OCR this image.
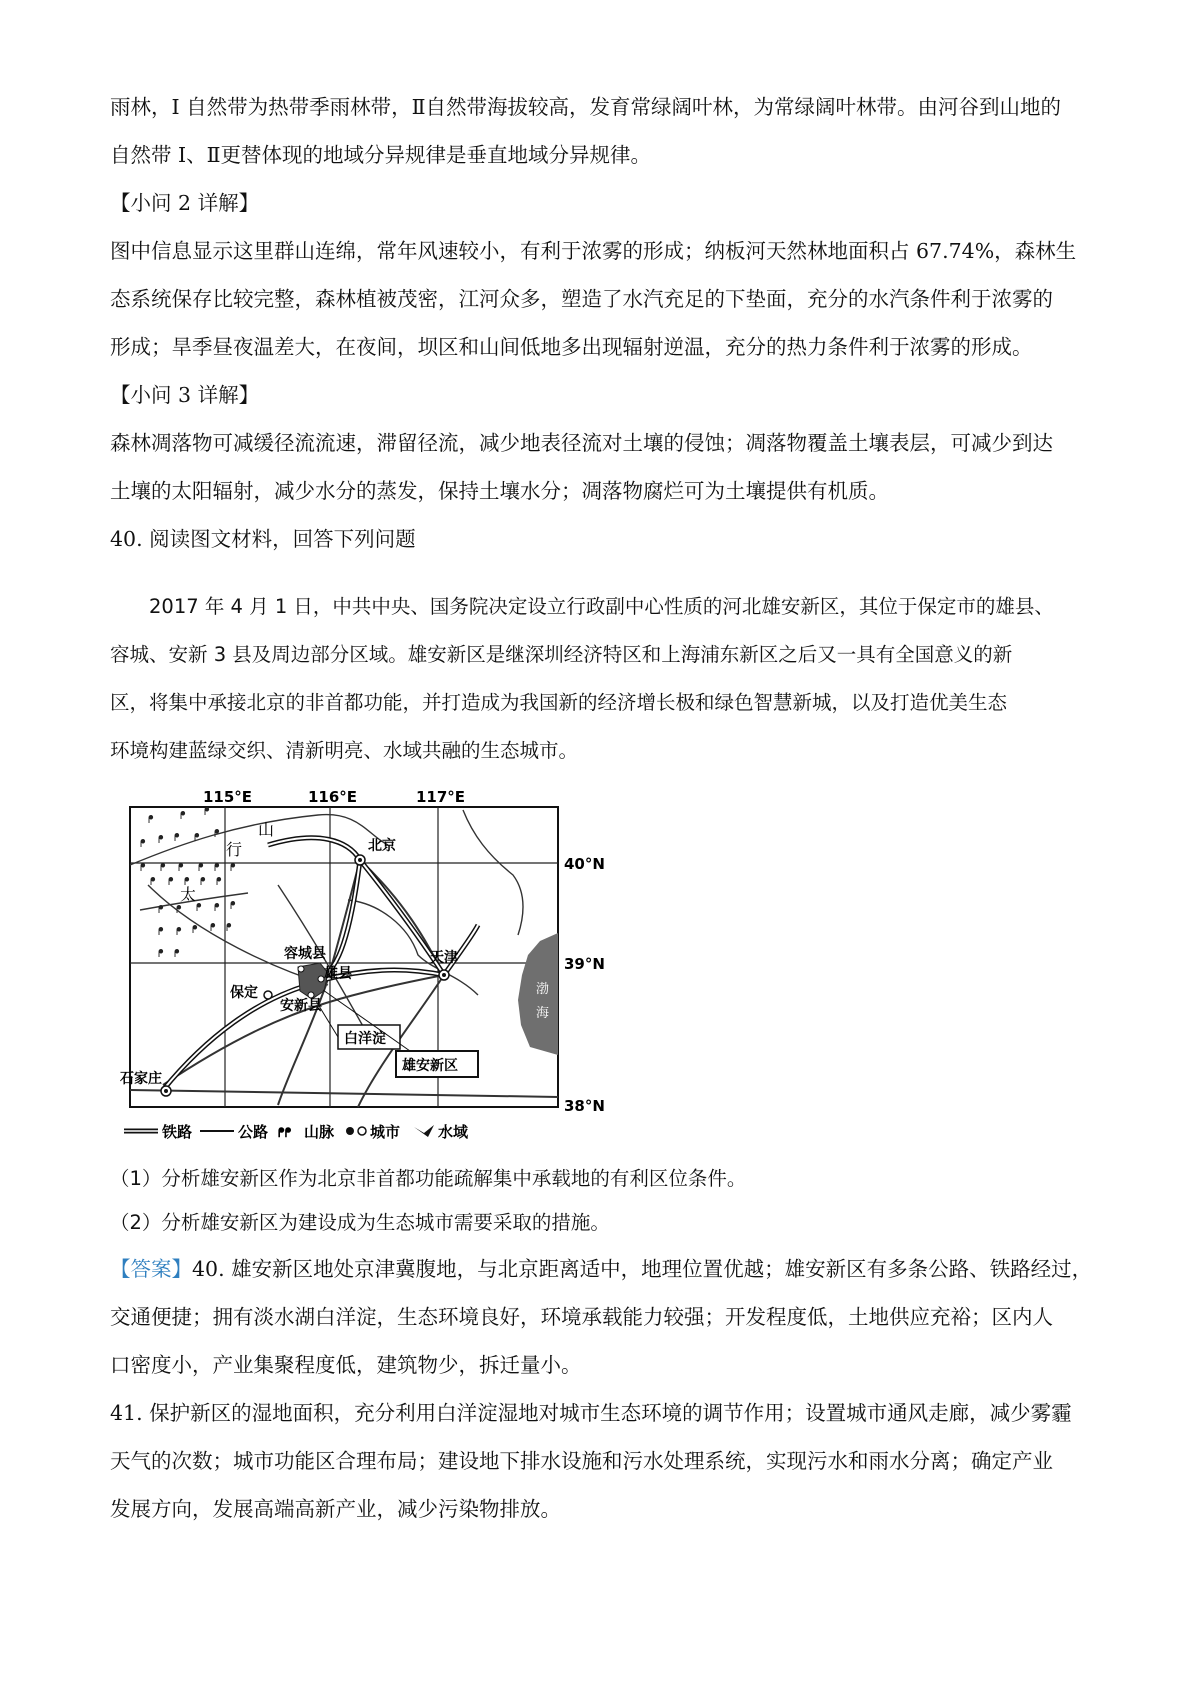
雨林，I 自然带为热带季雨林带，Ⅱ自然带海拔较高，发育常绿阔叶林，为常绿阔叶林带。由河谷到山地的
自然带 I、Ⅱ更替体现的地域分异规律是垂直地域分异规律。

【小问 2 详解】

图中信息显示这里群山连绵，常年风速较小，有利于浓雾的形成；纳板河天然林地面积占 67.74%，森林生
态系统保存比较完整，森林植被茂密，江河众多，塑造了水汽充足的下垫面，充分的水汽条件利于浓雾的
形成；旱季昼夜温差大，在夜间，坝区和山间低地多出现辐射逆温，充分的热力条件利于浓雾的形成。

【小问 3 详解】

森林凋落物可减缓径流流速，滞留径流，减少地表径流对土壤的侵蚀；凋落物覆盖土壤表层，可减少到达
土壤的太阳辐射，减少水分的蒸发，保持土壤水分；凋落物腐烂可为土壤提供有机质。

40. 阅读图文材料，回答下列问题

　　2017 年 4 月 1 日，中共中央、国务院决定设立行政副中心性质的河北雄安新区，其位于保定市的雄县、
容城、安新 3 县及周边部分区域。雄安新区是继深圳经济特区和上海浦东新区之后又一具有全国意义的新
区，将集中承接北京的非首都功能，并打造成为我国新的经济增长极和绿色智慧新城，以及打造优美生态
环境构建蓝绿交织、清新明亮、水域共融的生态城市。

115°E	116°E	117°E
40°N
39°N
38°N
渤
海
ᖰ ᖰ ᖰ
ᖰ ᖰ ᖰ ᖰ ᖰ
ᖰ ᖰ ᖰ ᖰ ᖰ ᖰ
ᖰ ᖰ ᖰ ᖰ ᖰ
ᖰ ᖰ ᖰ ᖰ ᖰ
ᖰ ᖰ ᖰ ᖰ ᖰ
ᖰ ᖰ
太
行
山
北京
天津
保定
石家庄
容城县
雄县
安新县
白洋淀
雄安新区
铁路	公路 ᖰᖰ 山脉 城市	水域

（1）分析雄安新区作为北京非首都功能疏解集中承载地的有利区位条件。

（2）分析雄安新区为建设成为生态城市需要采取的措施。

【答案】40. 雄安新区地处京津冀腹地，与北京距离适中，地理位置优越；雄安新区有多条公路、铁路经过，
交通便捷；拥有淡水湖白洋淀，生态环境良好，环境承载能力较强；开发程度低，土地供应充裕；区内人
口密度小，产业集聚程度低，建筑物少，拆迁量小。

41. 保护新区的湿地面积，充分利用白洋淀湿地对城市生态环境的调节作用；设置城市通风走廊，减少雾霾
天气的次数；城市功能区合理布局；建设地下排水设施和污水处理系统，实现污水和雨水分离；确定产业
发展方向，发展高端高新产业，减少污染物排放。
